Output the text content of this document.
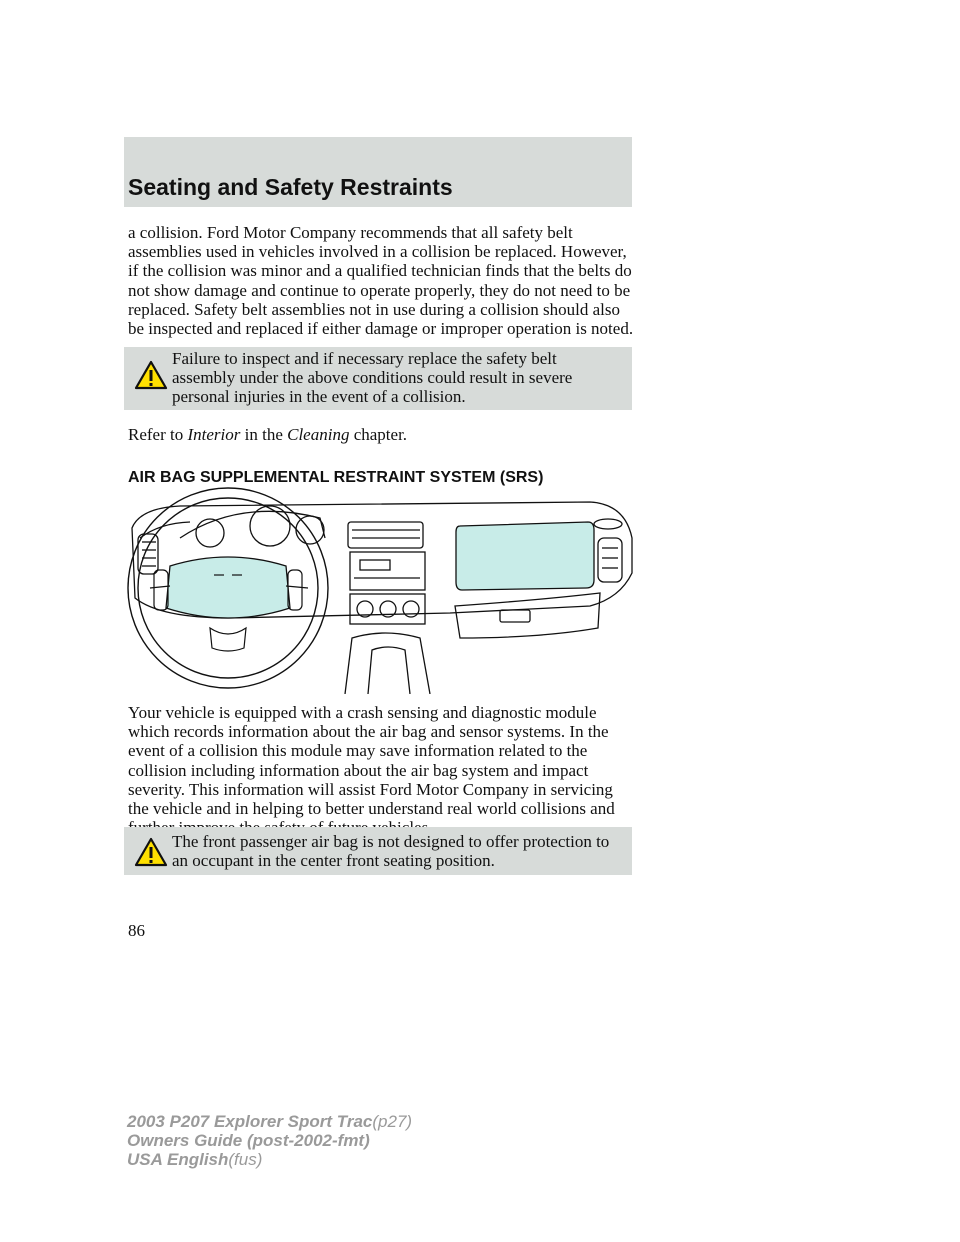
Seating and Safety Restraints

a collision. Ford Motor Company recommends that all safety belt assemblies used in vehicles involved in a collision be replaced. However, if the collision was minor and a qualified technician finds that the belts do not show damage and continue to operate properly, they do not need to be replaced. Safety belt assemblies not in use during a collision should also be inspected and replaced if either damage or improper operation is noted.

Failure to inspect and if necessary replace the safety belt
assembly under the above conditions could result in severe personal injuries in the event of a collision.

Refer to Interior in the Cleaning chapter.

AIR BAG SUPPLEMENTAL RESTRAINT SYSTEM (SRS)

Your vehicle is equipped with a crash sensing and diagnostic module which records information about the air bag and sensor systems. In the event of a collision this module may save information related to the collision including information about the air bag system and impact severity. This information will assist Ford Motor Company in servicing the vehicle and in helping to better understand real world collisions and

The front passenger air bag is not designed to offer protection to
an occupant in the center front seating position.

86
2003 P207 Explorer Sport Trac(p27)
Owners Guide (post-2002-fmt)
USA English(fus)
